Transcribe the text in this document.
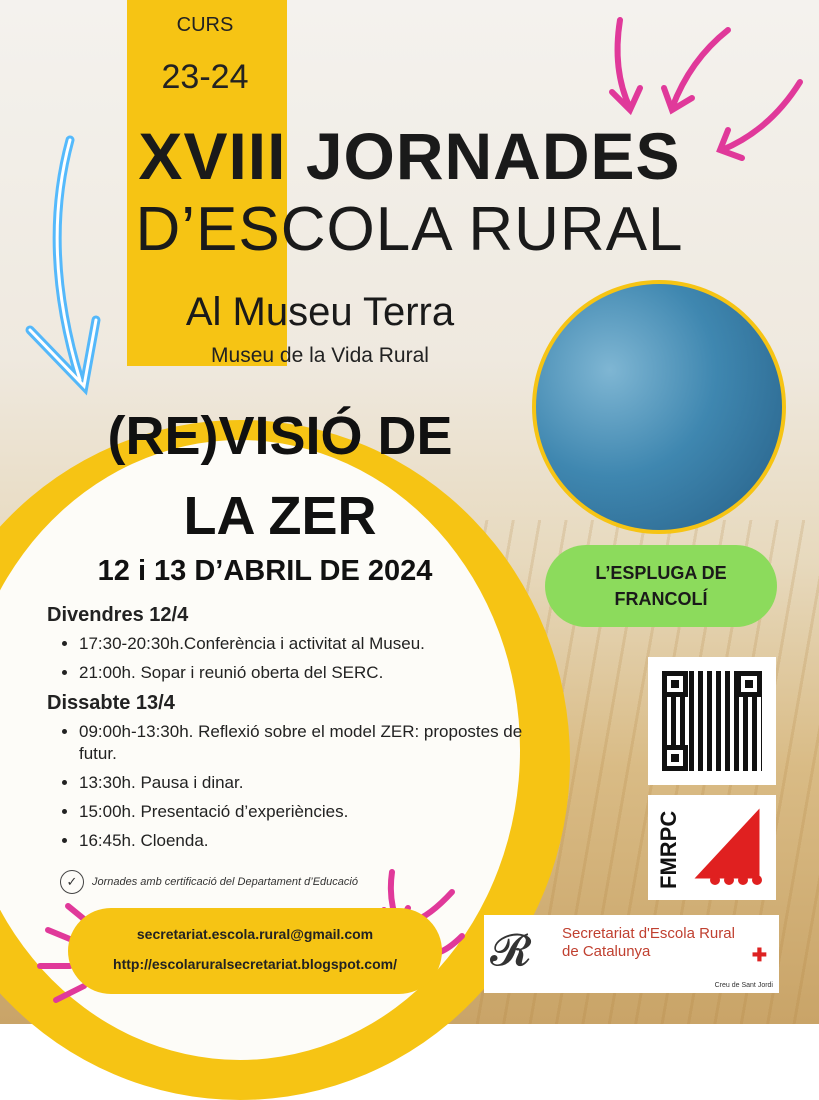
CURS
23-24
XVIII JORNADES
D’ESCOLA RURAL
Al Museu Terra
Museu de la Vida Rural
(RE)VISIÓ DE
LA ZER
12 i 13 D’ABRIL DE 2024
Divendres 12/4
• 17:30-20:30h.Conferència i activitat al Museu.
• 21:00h. Sopar i reunió oberta del SERC.
Dissabte 13/4
• 09:00h-13:30h. Reflexió sobre el model ZER: propostes de futur.
• 13:30h. Pausa i dinar.
• 15:00h. Presentació d’experiències.
• 16:45h. Cloenda.
✓	Jornades amb certificació del Departament d’Educació
secretariat.escola.rural@gmail.com
http://escolaruralsecretariat.blogspot.com/
L’ESPLUGA DE
FRANCOLÍ
FMRPC
𝓡	Secretariat d'Escola Rural
de Catalunya	✚
Creu de Sant Jordi
